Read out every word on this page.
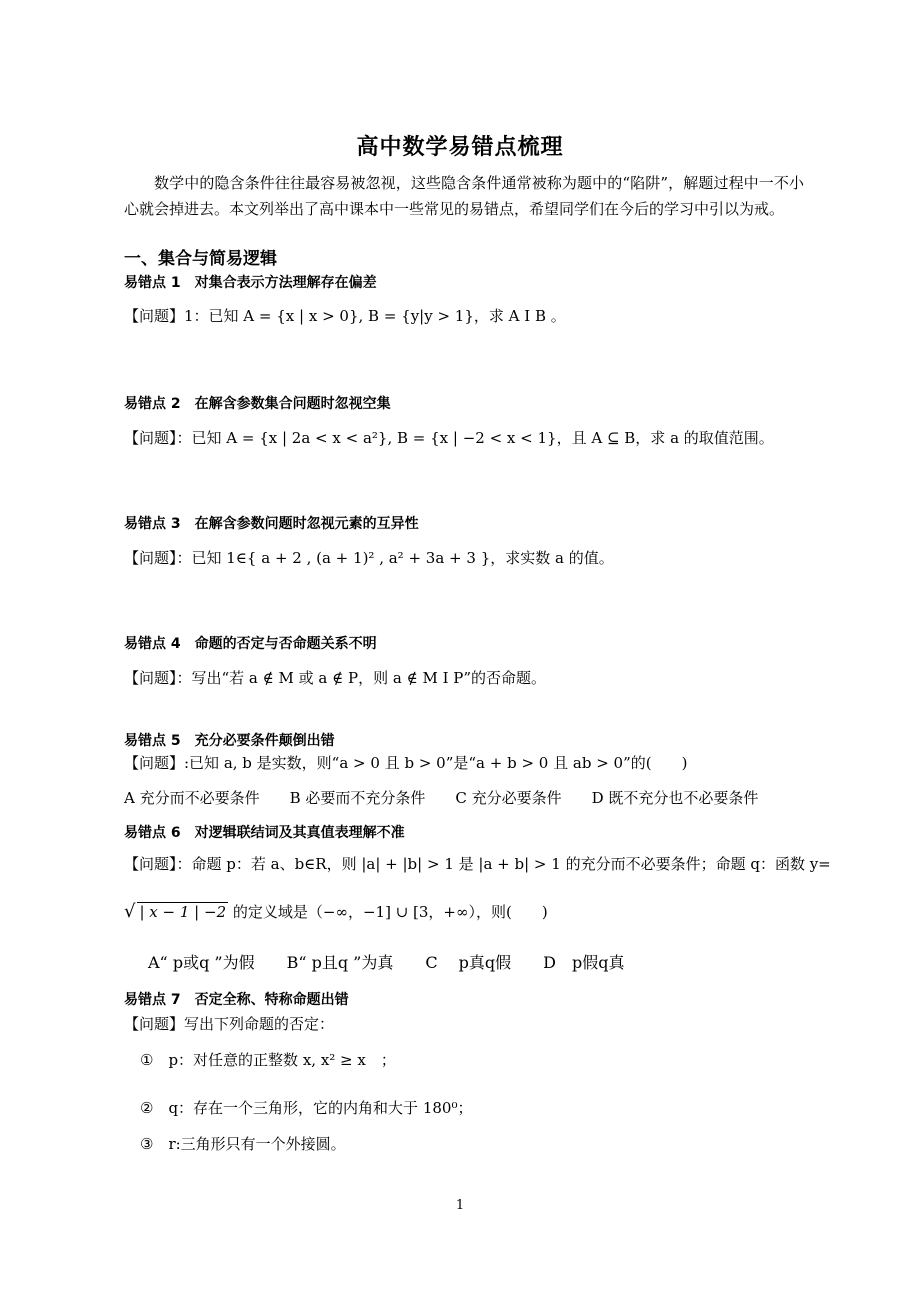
高中数学易错点梳理
数学中的隐含条件往往最容易被忽视，这些隐含条件通常被称为题中的“陷阱”，解题过程中一不小心就会掉进去。本文列举出了高中课本中一些常见的易错点，希望同学们在今后的学习中引以为戒。
一、集合与简易逻辑
易错点 1　对集合表示方法理解存在偏差
【问题】1：已知 A = {x | x > 0}, B = {y|y > 1}，求 A I B 。
易错点 2　在解含参数集合问题时忽视空集
【问题】：已知 A = {x | 2a < x < a²}, B = {x | −2 < x < 1}，且 A ⊆ B，求 a 的取值范围。
易错点 3　在解含参数问题时忽视元素的互异性
【问题】：已知 1∈{ a + 2 , (a + 1)² , a² + 3a + 3 }，求实数 a 的值。
易错点 4　命题的否定与否命题关系不明
【问题】：写出“若 a ∉ M 或 a ∉ P，则 a ∉ M I P”的否命题。
易错点 5　充分必要条件颠倒出错
【问题】:已知 a, b 是实数，则“a > 0 且 b > 0”是“a + b > 0 且 ab > 0”的(　　)
A 充分而不必要条件　　B 必要而不充分条件　　C 充分必要条件　　D 既不充分也不必要条件
易错点 6　对逻辑联结词及其真值表理解不准
【问题】：命题 p：若 a、b∈R，则 |a| + |b| > 1 是 |a + b| > 1 的充分而不必要条件；命题 q：函数 y=
√ | x − 1 | −2 的定义域是（−∞，−1] ∪ [3，+∞），则(　　)
A“ p或q ”为假　　B“ p且q ”为真　　C　 p真q假　　D　p假q真
易错点 7　否定全称、特称命题出错
【问题】写出下列命题的否定：
①　p：对任意的正整数 x, x² ≥ x　；
②　q：存在一个三角形，它的内角和大于 180⁰；
③　r:三角形只有一个外接圆。
1
